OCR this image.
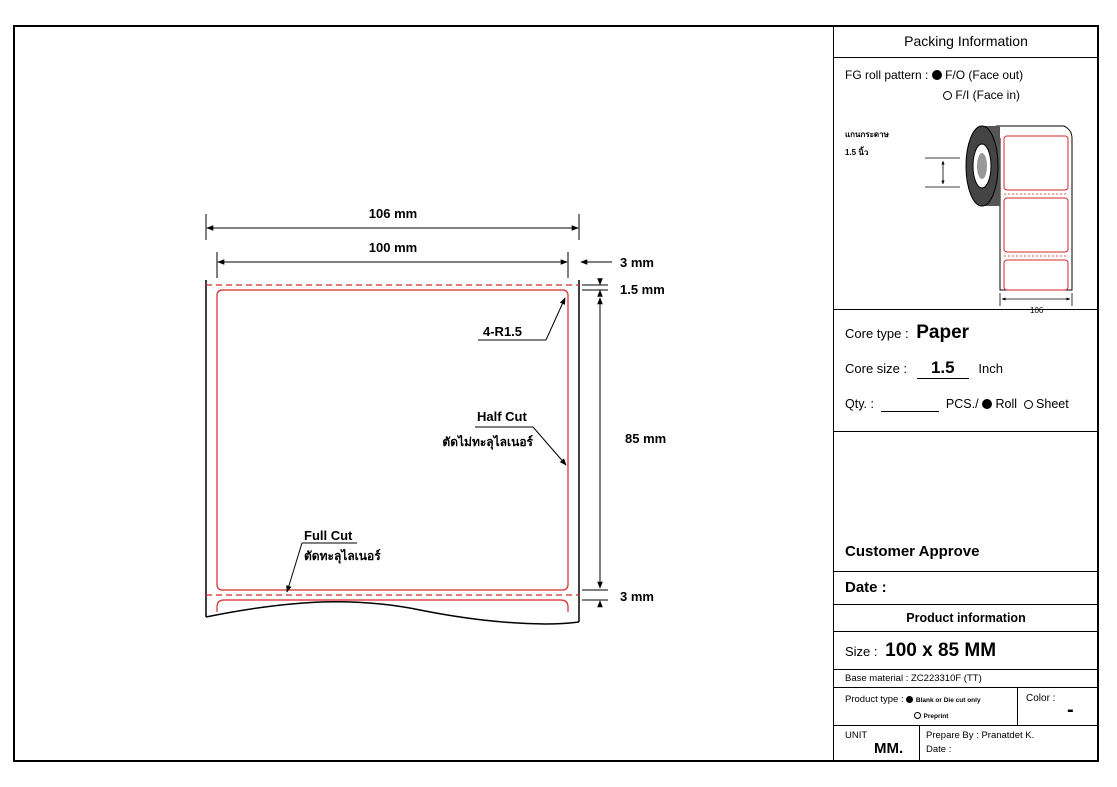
106 mm
100 mm
3 mm
1.5 mm
85 mm
3 mm
4-R1.5
Half Cut
ตัดไม่ทะลุไลเนอร์
Full Cut
ตัดทะลุไลเนอร์
Packing Information
FG roll pattern : F/O (Face out)
F/I (Face in)
แกนกระดาษ
1.5 นิ้ว
106
Core type : Paper
Core size : 1.5 Inch
Qty. :	PCS./ Roll Sheet
Customer Approve
Date :
Product information
Size : 100 x 85 MM
Base material : ZC223310F (TT)
Product type : Blank or Die cut only
Preprint
Color :
-
UNIT
MM.
Prepare By : Pranatdet K.
Date :
